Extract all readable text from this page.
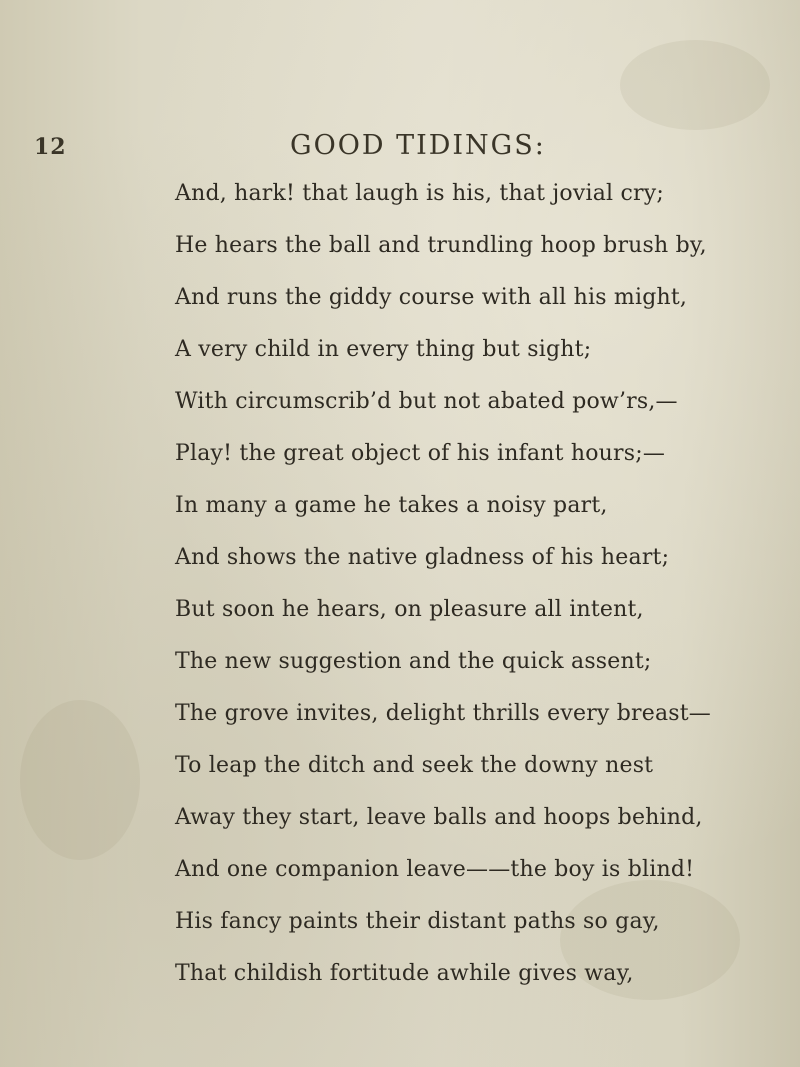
12	GOOD TIDINGS:
And, hark! that laugh is his, that jovial cry;
He hears the ball and trundling hoop brush by,
And runs the giddy course with all his might,
A very child in every thing but sight;
With circumscrib’d but not abated pow’rs,—
Play! the great object of his infant hours;—
In many a game he takes a noisy part,
And shows the native gladness of his heart;
But soon he hears, on pleasure all intent,
The new suggestion and the quick assent;
The grove invites, delight thrills every breast—
To leap the ditch and seek the downy nest
Away they start, leave balls and hoops behind,
And one companion leave——the boy is blind!
His fancy paints their distant paths so gay,
That childish fortitude awhile gives way,
